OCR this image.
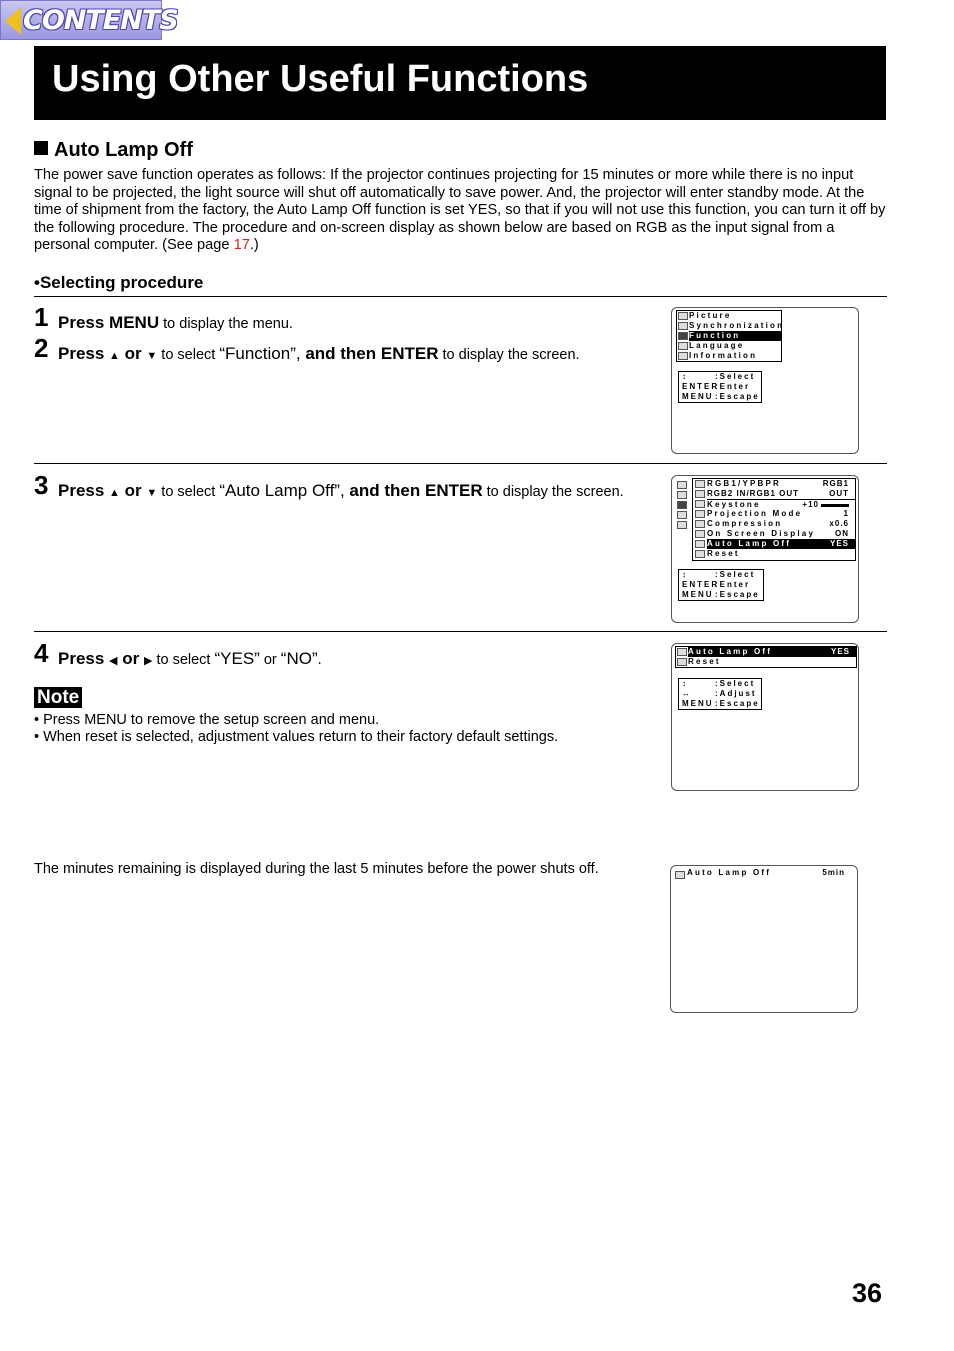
CONTENTS
Using Other Useful Functions
Auto Lamp Off
The power save function operates as follows: If the projector continues projecting for 15 minutes or more while there is no input signal to be projected, the light source will shut off automatically to save power. And, the projector will enter standby mode. At the time of shipment from the factory, the Auto Lamp Off function is set YES, so that if you will not use this function, you can turn it off by the following procedure. The procedure and on-screen display as shown below are based on RGB as the input signal from a personal computer. (See page 17.)
•Selecting procedure
1 Press MENU to display the menu.
2 Press ▲ or ▼ to select “Function”, and then ENTER to display the screen.
Picture
Synchronization
Function
Language
Information
↕	:Select
ENTER
:Enter
MENU :Escape
3 Press ▲ or ▼ to select “Auto Lamp Off”, and then ENTER to display the screen.
RGB1/YPBPR	RGB1
RGB2 IN/RGB1 OUT	OUT
Keystone	+10
Projection Mode	1
Compression	x0.6
On Screen Display ON
Auto Lamp Off	YES
Reset
↕	:Select
ENTER
:Enter
MENU :Escape
4 Press ◀ or ▶ to select “YES” or “NO”.
Note
• Press MENU to remove the setup screen and menu.
• When reset is selected, adjustment values return to their factory default settings.
Auto Lamp Off	YES
Reset
↕	:Select
↔	:Adjust
MENU :Escape
The minutes remaining is displayed during the last 5 minutes before the power shuts off.	Auto Lamp Off	5min
36
